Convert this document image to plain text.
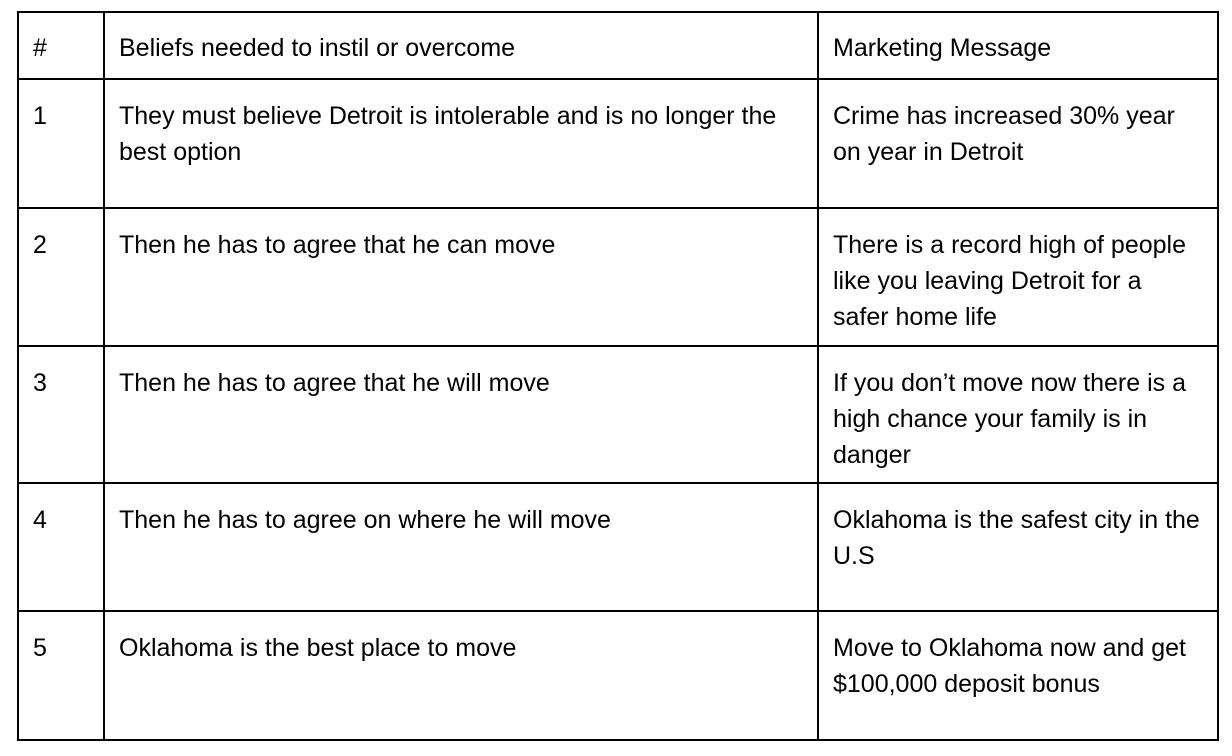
#	Beliefs needed to instil or overcome	Marketing Message
1	They must believe Detroit is intolerable and is no longer the best option	Crime has increased 30% year on year in Detroit
2	Then he has to agree that he can move	There is a record high of people like you leaving Detroit for a safer home life
3	Then he has to agree that he will move	If you don’t move now there is a high chance your family is in danger
4	Then he has to agree on where he will move	Oklahoma is the safest city in the U.S
5	Oklahoma is the best place to move	Move to Oklahoma now and get $100,000 deposit bonus
